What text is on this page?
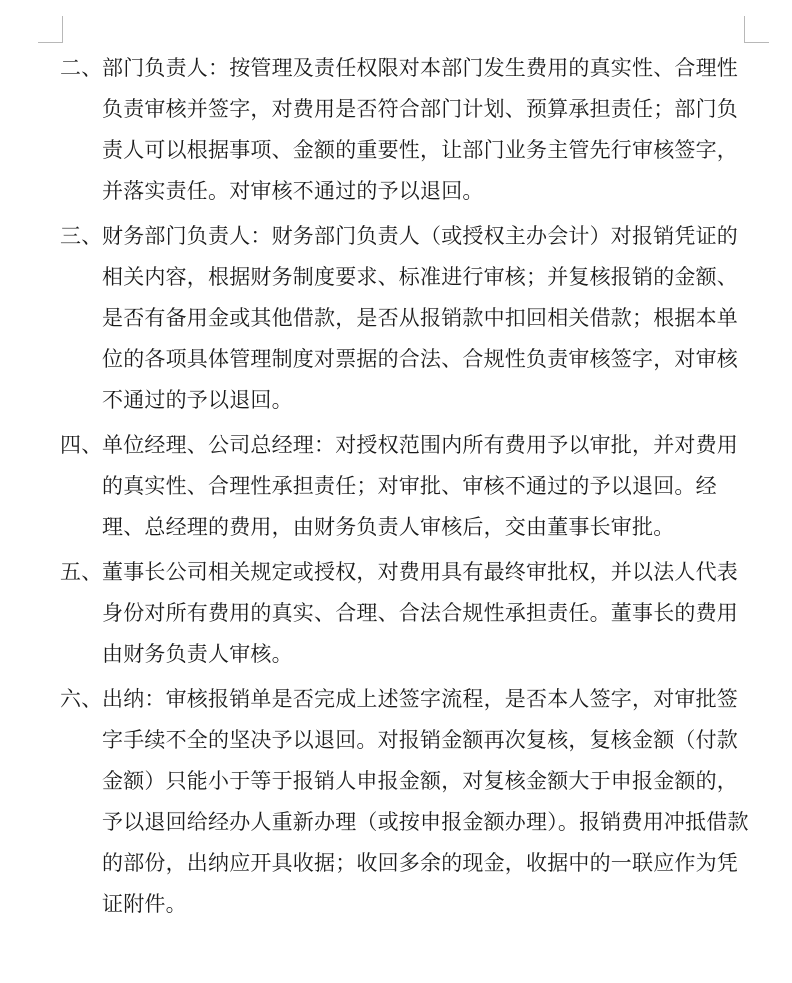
二、 部门负责人：按管理及责任权限对本部门发生费用的真实性、合理性负责审核并签字，对费用是否符合部门计划、预算承担责任；部门负责人可以根据事项、金额的重要性，让部门业务主管先行审核签字，并落实责任。对审核不通过的予以退回。
三、 财务部门负责人：财务部门负责人（或授权主办会计）对报销凭证的相关内容，根据财务制度要求、标准进行审核；并复核报销的金额、是否有备用金或其他借款，是否从报销款中扣回相关借款；根据本单位的各项具体管理制度对票据的合法、合规性负责审核签字，对审核不通过的予以退回。
四、 单位经理、公司总经理：对授权范围内所有费用予以审批，并对费用的真实性、合理性承担责任；对审批、审核不通过的予以退回。经理、总经理的费用，由财务负责人审核后，交由董事长审批。
五、 董事长公司相关规定或授权，对费用具有最终审批权，并以法人代表身份对所有费用的真实、合理、合法合规性承担责任。董事长的费用由财务负责人审核。
六、 出纳：审核报销单是否完成上述签字流程，是否本人签字，对审批签字手续不全的坚决予以退回。对报销金额再次复核，复核金额（付款金额）只能小于等于报销人申报金额，对复核金额大于申报金额的，予以退回给经办人重新办理（或按申报金额办理）。报销费用冲抵借款的部份，出纳应开具收据；收回多余的现金，收据中的一联应作为凭证附件。
